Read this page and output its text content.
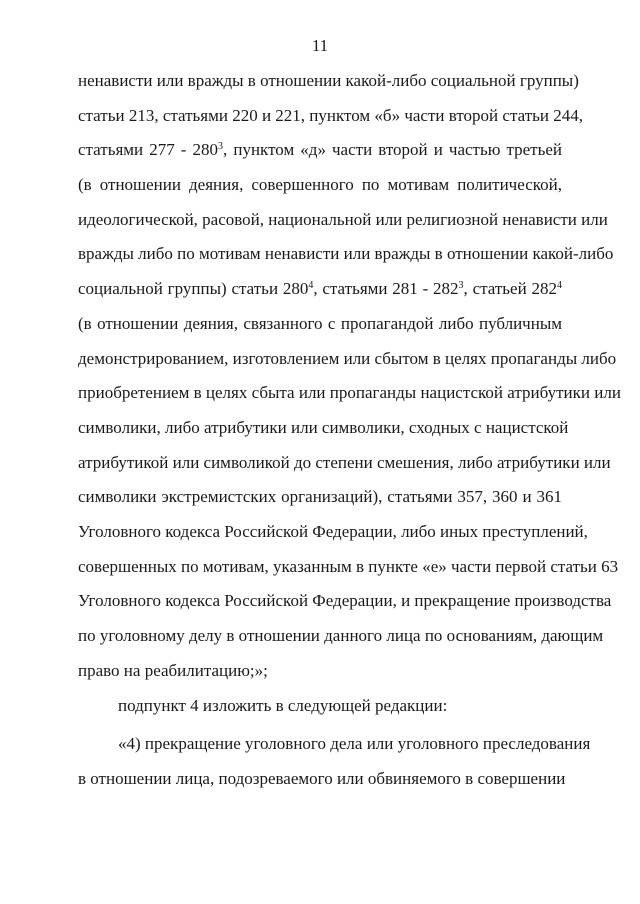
11
ненависти или вражды в отношении какой-либо социальной группы)
статьи 213, статьями 220 и 221, пунктом «б» части второй статьи 244,
статьями $277 - 280^3$, пунктом «д» части второй и частью третьей
(в отношении деяния, совершенного по мотивам политической,
идеологической, расовой, национальной или религиозной ненависти или
вражды либо по мотивам ненависти или вражды в отношении какой-либо
социальной группы) статьи $280^4$, статьями $281 - 282^3$, статьей $282^4$
(в отношении деяния, связанного с пропагандой либо публичным
демонстрированием, изготовлением или сбытом в целях пропаганды либо
приобретением в целях сбыта или пропаганды нацистской атрибутики или
символики, либо атрибутики или символики, сходных с нацистской
атрибутикой или символикой до степени смешения, либо атрибутики или
символики экстремистских организаций), статьями 357, 360 и 361
Уголовного кодекса Российской Федерации, либо иных преступлений,
совершенных по мотивам, указанным в пункте «е» части первой статьи 63
Уголовного кодекса Российской Федерации, и прекращение производства
по уголовному делу в отношении данного лица по основаниям, дающим
право на реабилитацию;»;
подпункт 4 изложить в следующей редакции:
«4) прекращение уголовного дела или уголовного преследования
в отношении лица, подозреваемого или обвиняемого в совершении
